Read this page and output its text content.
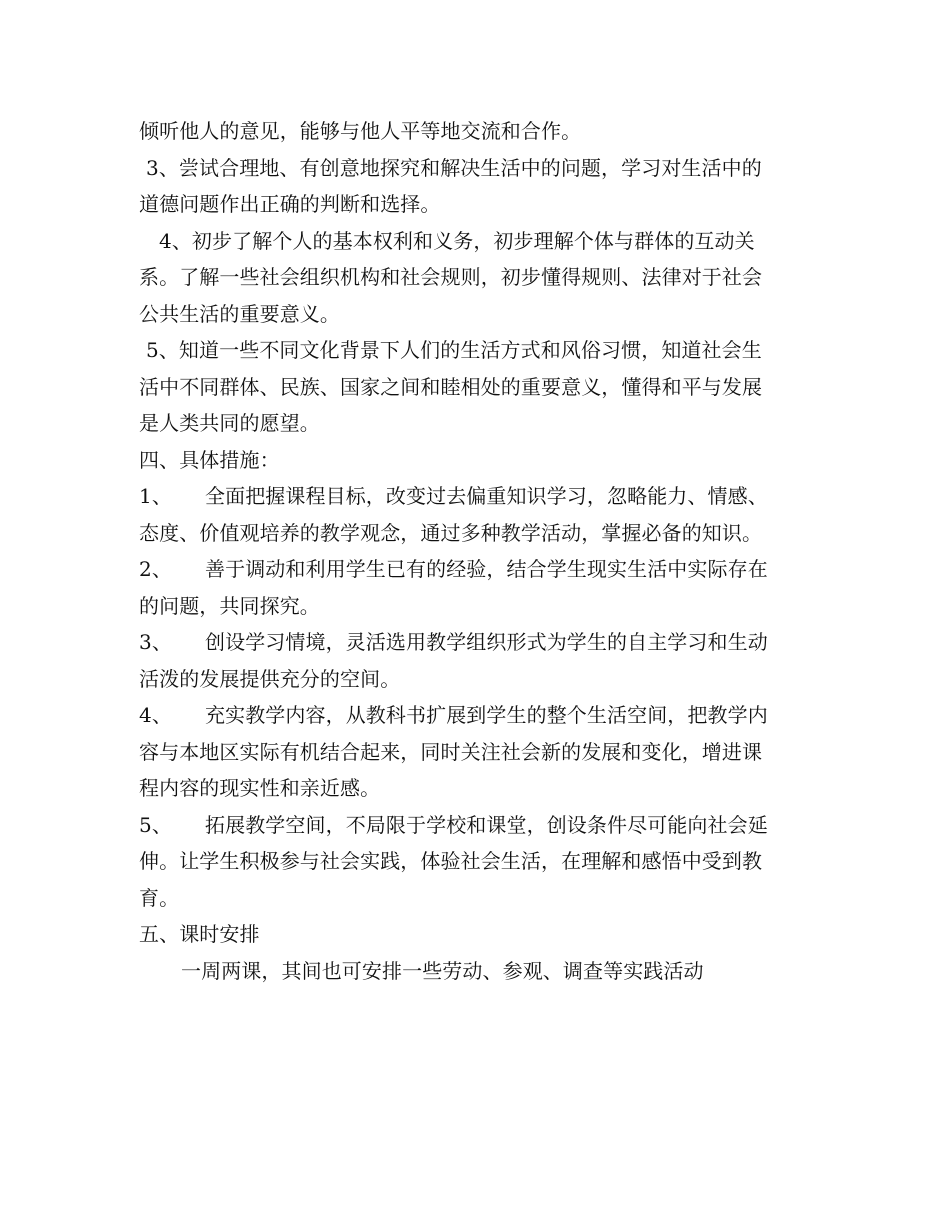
倾听他人的意见，能够与他人平等地交流和合作。
3、尝试合理地、有创意地探究和解决生活中的问题，学习对生活中的
道德问题作出正确的判断和选择。
4、初步了解个人的基本权利和义务，初步理解个体与群体的互动关
系。了解一些社会组织机构和社会规则，初步懂得规则、法律对于社会
公共生活的重要意义。
5、知道一些不同文化背景下人们的生活方式和风俗习惯，知道社会生
活中不同群体、民族、国家之间和睦相处的重要意义，懂得和平与发展
是人类共同的愿望。
四、具体措施：
1、 全面把握课程目标，改变过去偏重知识学习，忽略能力、情感、
态度、价值观培养的教学观念，通过多种教学活动，掌握必备的知识。
2、 善于调动和利用学生已有的经验，结合学生现实生活中实际存在
的问题，共同探究。
3、 创设学习情境，灵活选用教学组织形式为学生的自主学习和生动
活泼的发展提供充分的空间。
4、 充实教学内容，从教科书扩展到学生的整个生活空间，把教学内
容与本地区实际有机结合起来，同时关注社会新的发展和变化，增进课
程内容的现实性和亲近感。
5、 拓展教学空间，不局限于学校和课堂，创设条件尽可能向社会延
伸。让学生积极参与社会实践，体验社会生活，在理解和感悟中受到教
育。
五、课时安排
一周两课，其间也可安排一些劳动、参观、调查等实践活动
